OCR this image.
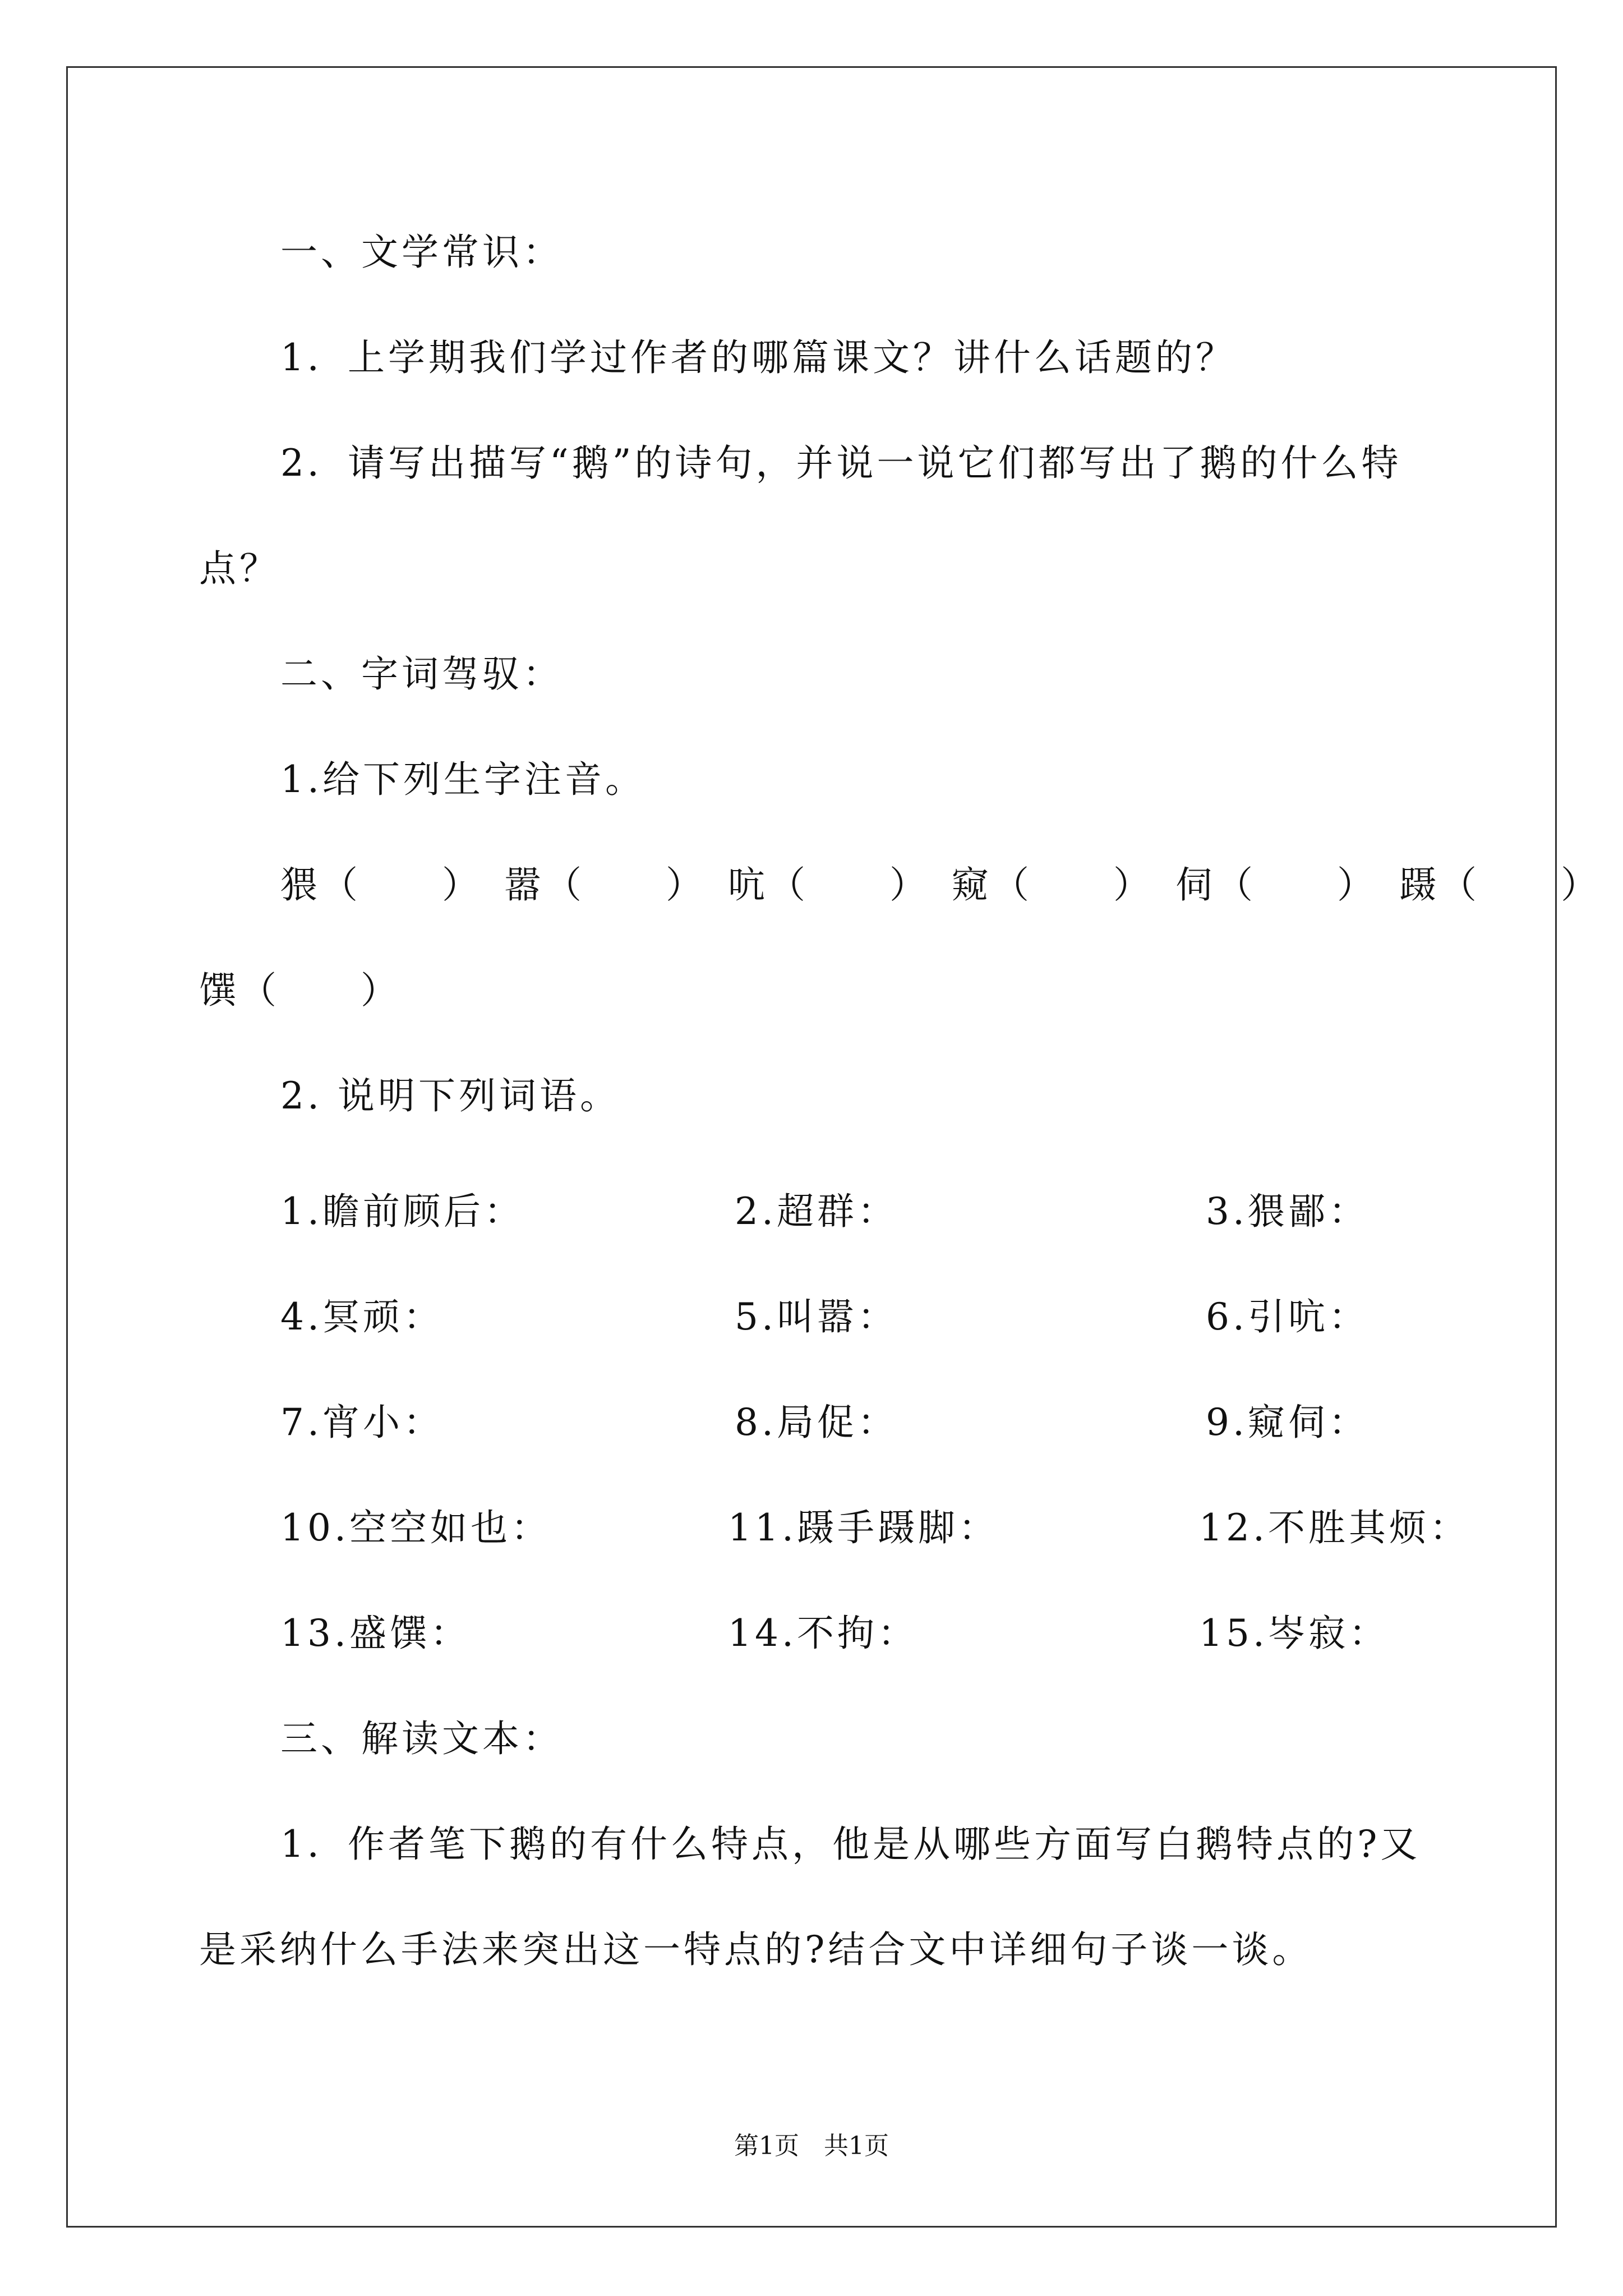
一、文学常识：
1．上学期我们学过作者的哪篇课文？讲什么话题的？
2．请写出描写“鹅”的诗句，并说一说它们都写出了鹅的什么特
点？
二、字词驾驭：
1.给下列生字注音。
猥（　　）　嚣（　　）　吭（　　）　窥（　　）　伺（　　）　蹑（　　）
馔（　　）
2. 说明下列词语。
1.瞻前顾后：	2.超群：	3.猥鄙：
4.冥顽：	5.叫嚣：	6.引吭：
7.宵小：	8.局促：	9.窥伺：
10.空空如也：	11.蹑手蹑脚：	12.不胜其烦：
13.盛馔：	14.不拘：	15.岑寂：
三、解读文本：
1．作者笔下鹅的有什么特点，他是从哪些方面写白鹅特点的?又
是采纳什么手法来突出这一特点的?结合文中详细句子谈一谈。
第1页　共1页
